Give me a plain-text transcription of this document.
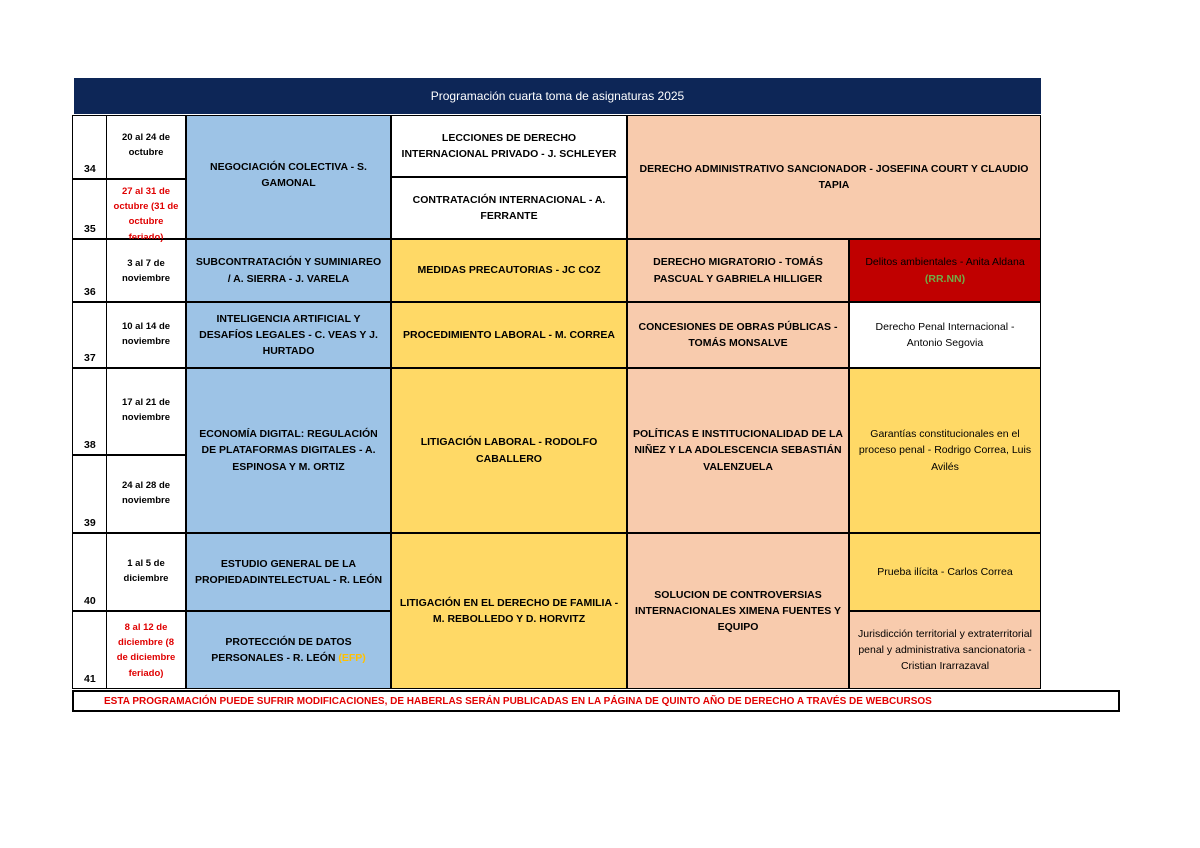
Programación cuarta toma de asignaturas 2025
34
35
36
37
38
39
40
41
20 al 24 de octubre
27 al 31 de octubre (31 de octubre feriado)
3 al 7 de noviembre
10 al 14 de noviembre
17 al 21 de noviembre
24 al 28 de noviembre
1 al 5 de diciembre
8 al 12 de diciembre (8 de diciembre feriado)
NEGOCIACIÓN COLECTIVA - S. GAMONAL
SUBCONTRATACIÓN Y SUMINIAREO / A. SIERRA - J. VARELA
INTELIGENCIA ARTIFICIAL Y DESAFÍOS LEGALES - C. VEAS Y J. HURTADO
ECONOMÍA DIGITAL: REGULACIÓN DE PLATAFORMAS DIGITALES - A. ESPINOSA Y M. ORTIZ
ESTUDIO GENERAL DE LA PROPIEDADINTELECTUAL - R. LEÓN
PROTECCIÓN DE DATOS PERSONALES - R. LEÓN (EFP)
LECCIONES DE DERECHO INTERNACIONAL PRIVADO - J. SCHLEYER
CONTRATACIÓN INTERNACIONAL - A. FERRANTE
MEDIDAS PRECAUTORIAS - JC COZ
PROCEDIMIENTO LABORAL - M. CORREA
LITIGACIÓN LABORAL - RODOLFO CABALLERO
LITIGACIÓN EN EL DERECHO DE FAMILIA - M. REBOLLEDO Y D. HORVITZ
DERECHO ADMINISTRATIVO SANCIONADOR - JOSEFINA COURT Y CLAUDIO TAPIA
DERECHO MIGRATORIO - TOMÁS PASCUAL Y GABRIELA HILLIGER
CONCESIONES DE OBRAS PÚBLICAS - TOMÁS MONSALVE
POLÍTICAS E INSTITUCIONALIDAD DE LA NIÑEZ Y LA ADOLESCENCIA SEBASTIÁN VALENZUELA
SOLUCION DE CONTROVERSIAS INTERNACIONALES XIMENA FUENTES Y EQUIPO
Delitos ambientales - Anita Aldana (RR.NN)
Derecho Penal Internacional - Antonio Segovia
Garantías constitucionales en el proceso penal - Rodrigo Correa, Luis Avilés
Prueba ilícita - Carlos Correa
Jurisdicción territorial y extraterritorial penal y administrativa sancionatoria - Cristian Irarrazaval
ESTA PROGRAMACIÓN PUEDE SUFRIR MODIFICACIONES, DE HABERLAS SERÁN PUBLICADAS EN LA PÁGINA DE QUINTO AÑO DE DERECHO A TRAVÉS DE WEBCURSOS
